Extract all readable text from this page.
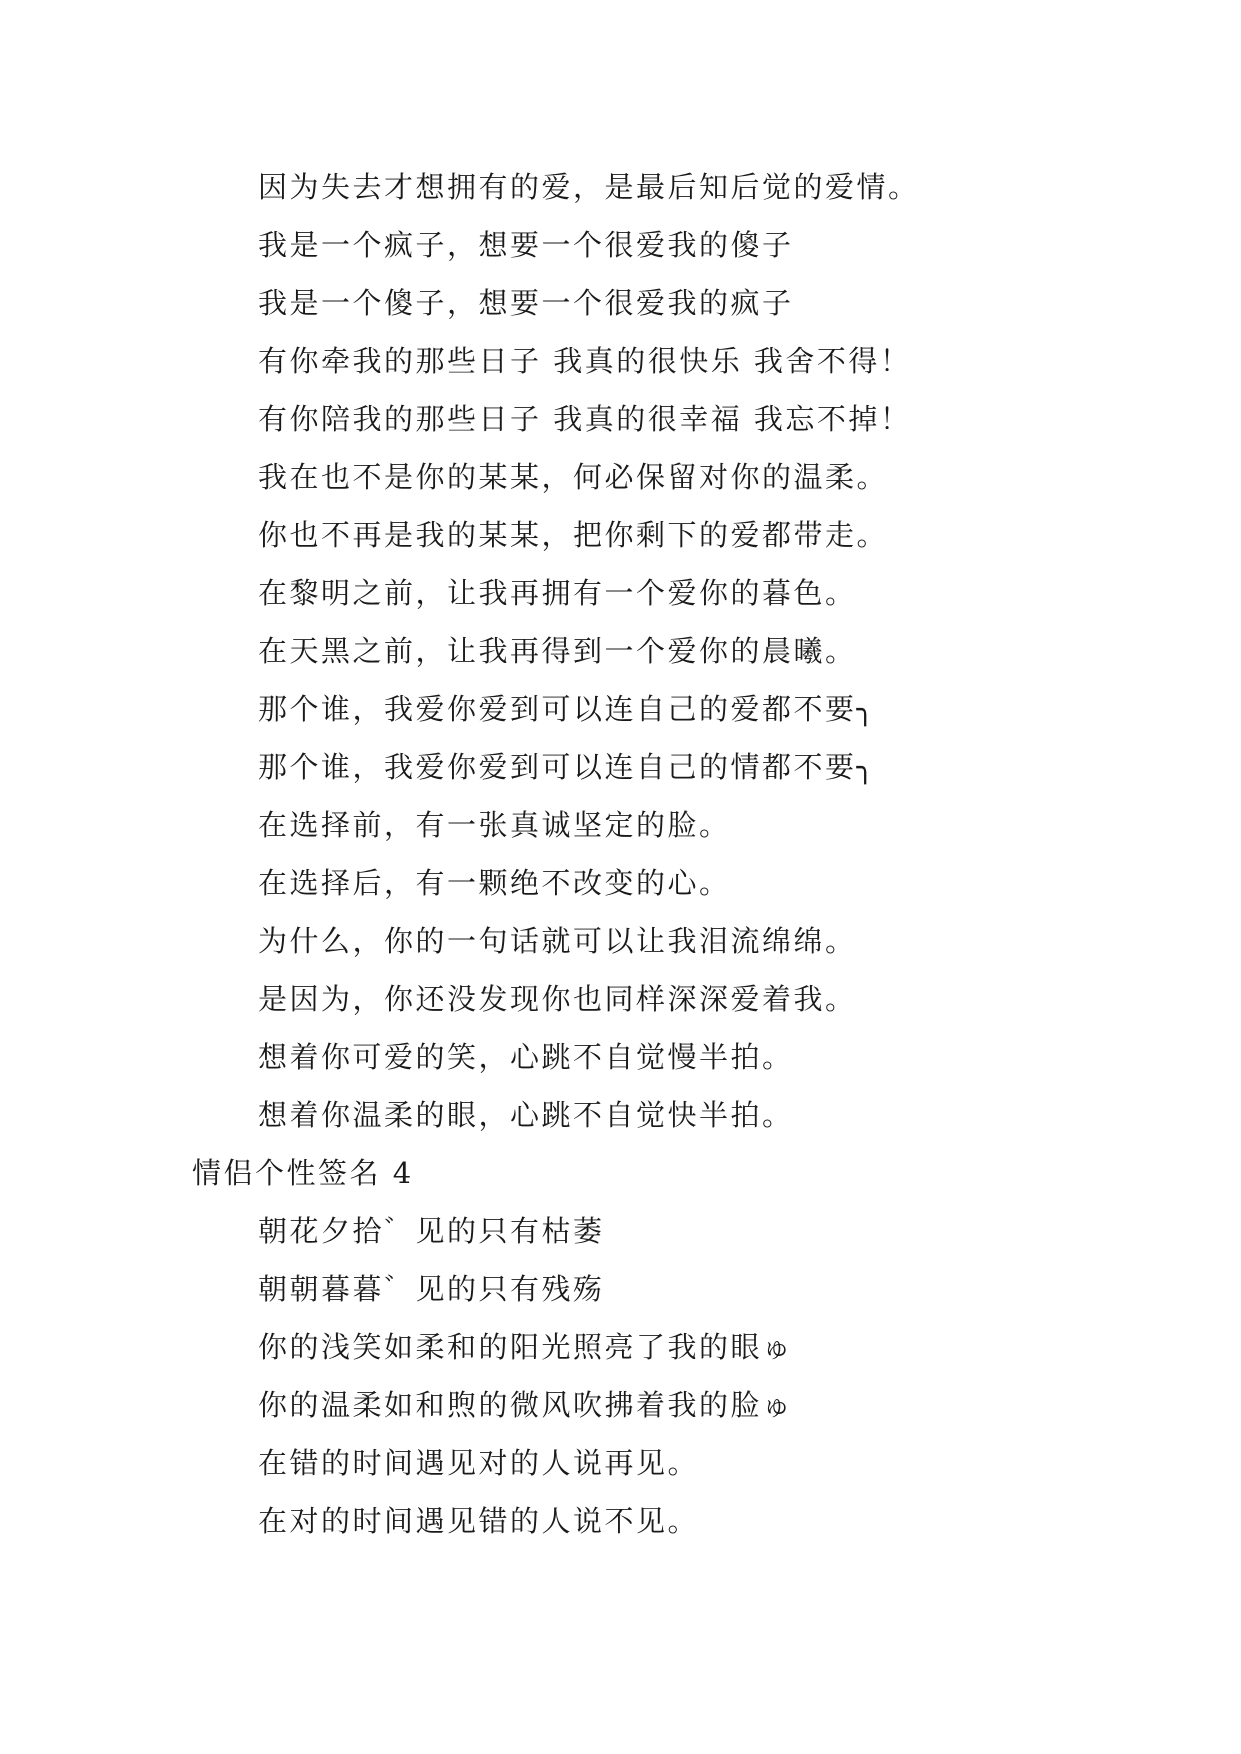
因为失去才想拥有的爱，是最后知后觉的爱情。
我是一个疯子，想要一个很爱我的傻子
我是一个傻子，想要一个很爱我的疯子
有你牵我的那些日子 我真的很快乐 我舍不得！
有你陪我的那些日子 我真的很幸福 我忘不掉！
我在也不是你的某某，何必保留对你的温柔。
你也不再是我的某某，把你剩下的爱都带走。
在黎明之前，让我再拥有一个爱你的暮色。
在天黑之前，让我再得到一个爱你的晨曦。
那个谁，我爱你爱到可以连自己的爱都不要╮
那个谁，我爱你爱到可以连自己的情都不要╮
在选择前，有一张真诚坚定的脸。
在选择后，有一颗绝不改变的心。
为什么，你的一句话就可以让我泪流绵绵。
是因为，你还没发现你也同样深深爱着我。
想着你可爱的笑，心跳不自觉慢半拍。
想着你温柔的眼，心跳不自觉快半拍。
情侣个性签名 4
朝花夕拾゛见的只有枯萎
朝朝暮暮゛见的只有残殇
你的浅笑如柔和的阳光照亮了我的眼ゅ
你的温柔如和煦的微风吹拂着我的脸ゅ
在错的时间遇见对的人说再见。
在对的时间遇见错的人说不见。
